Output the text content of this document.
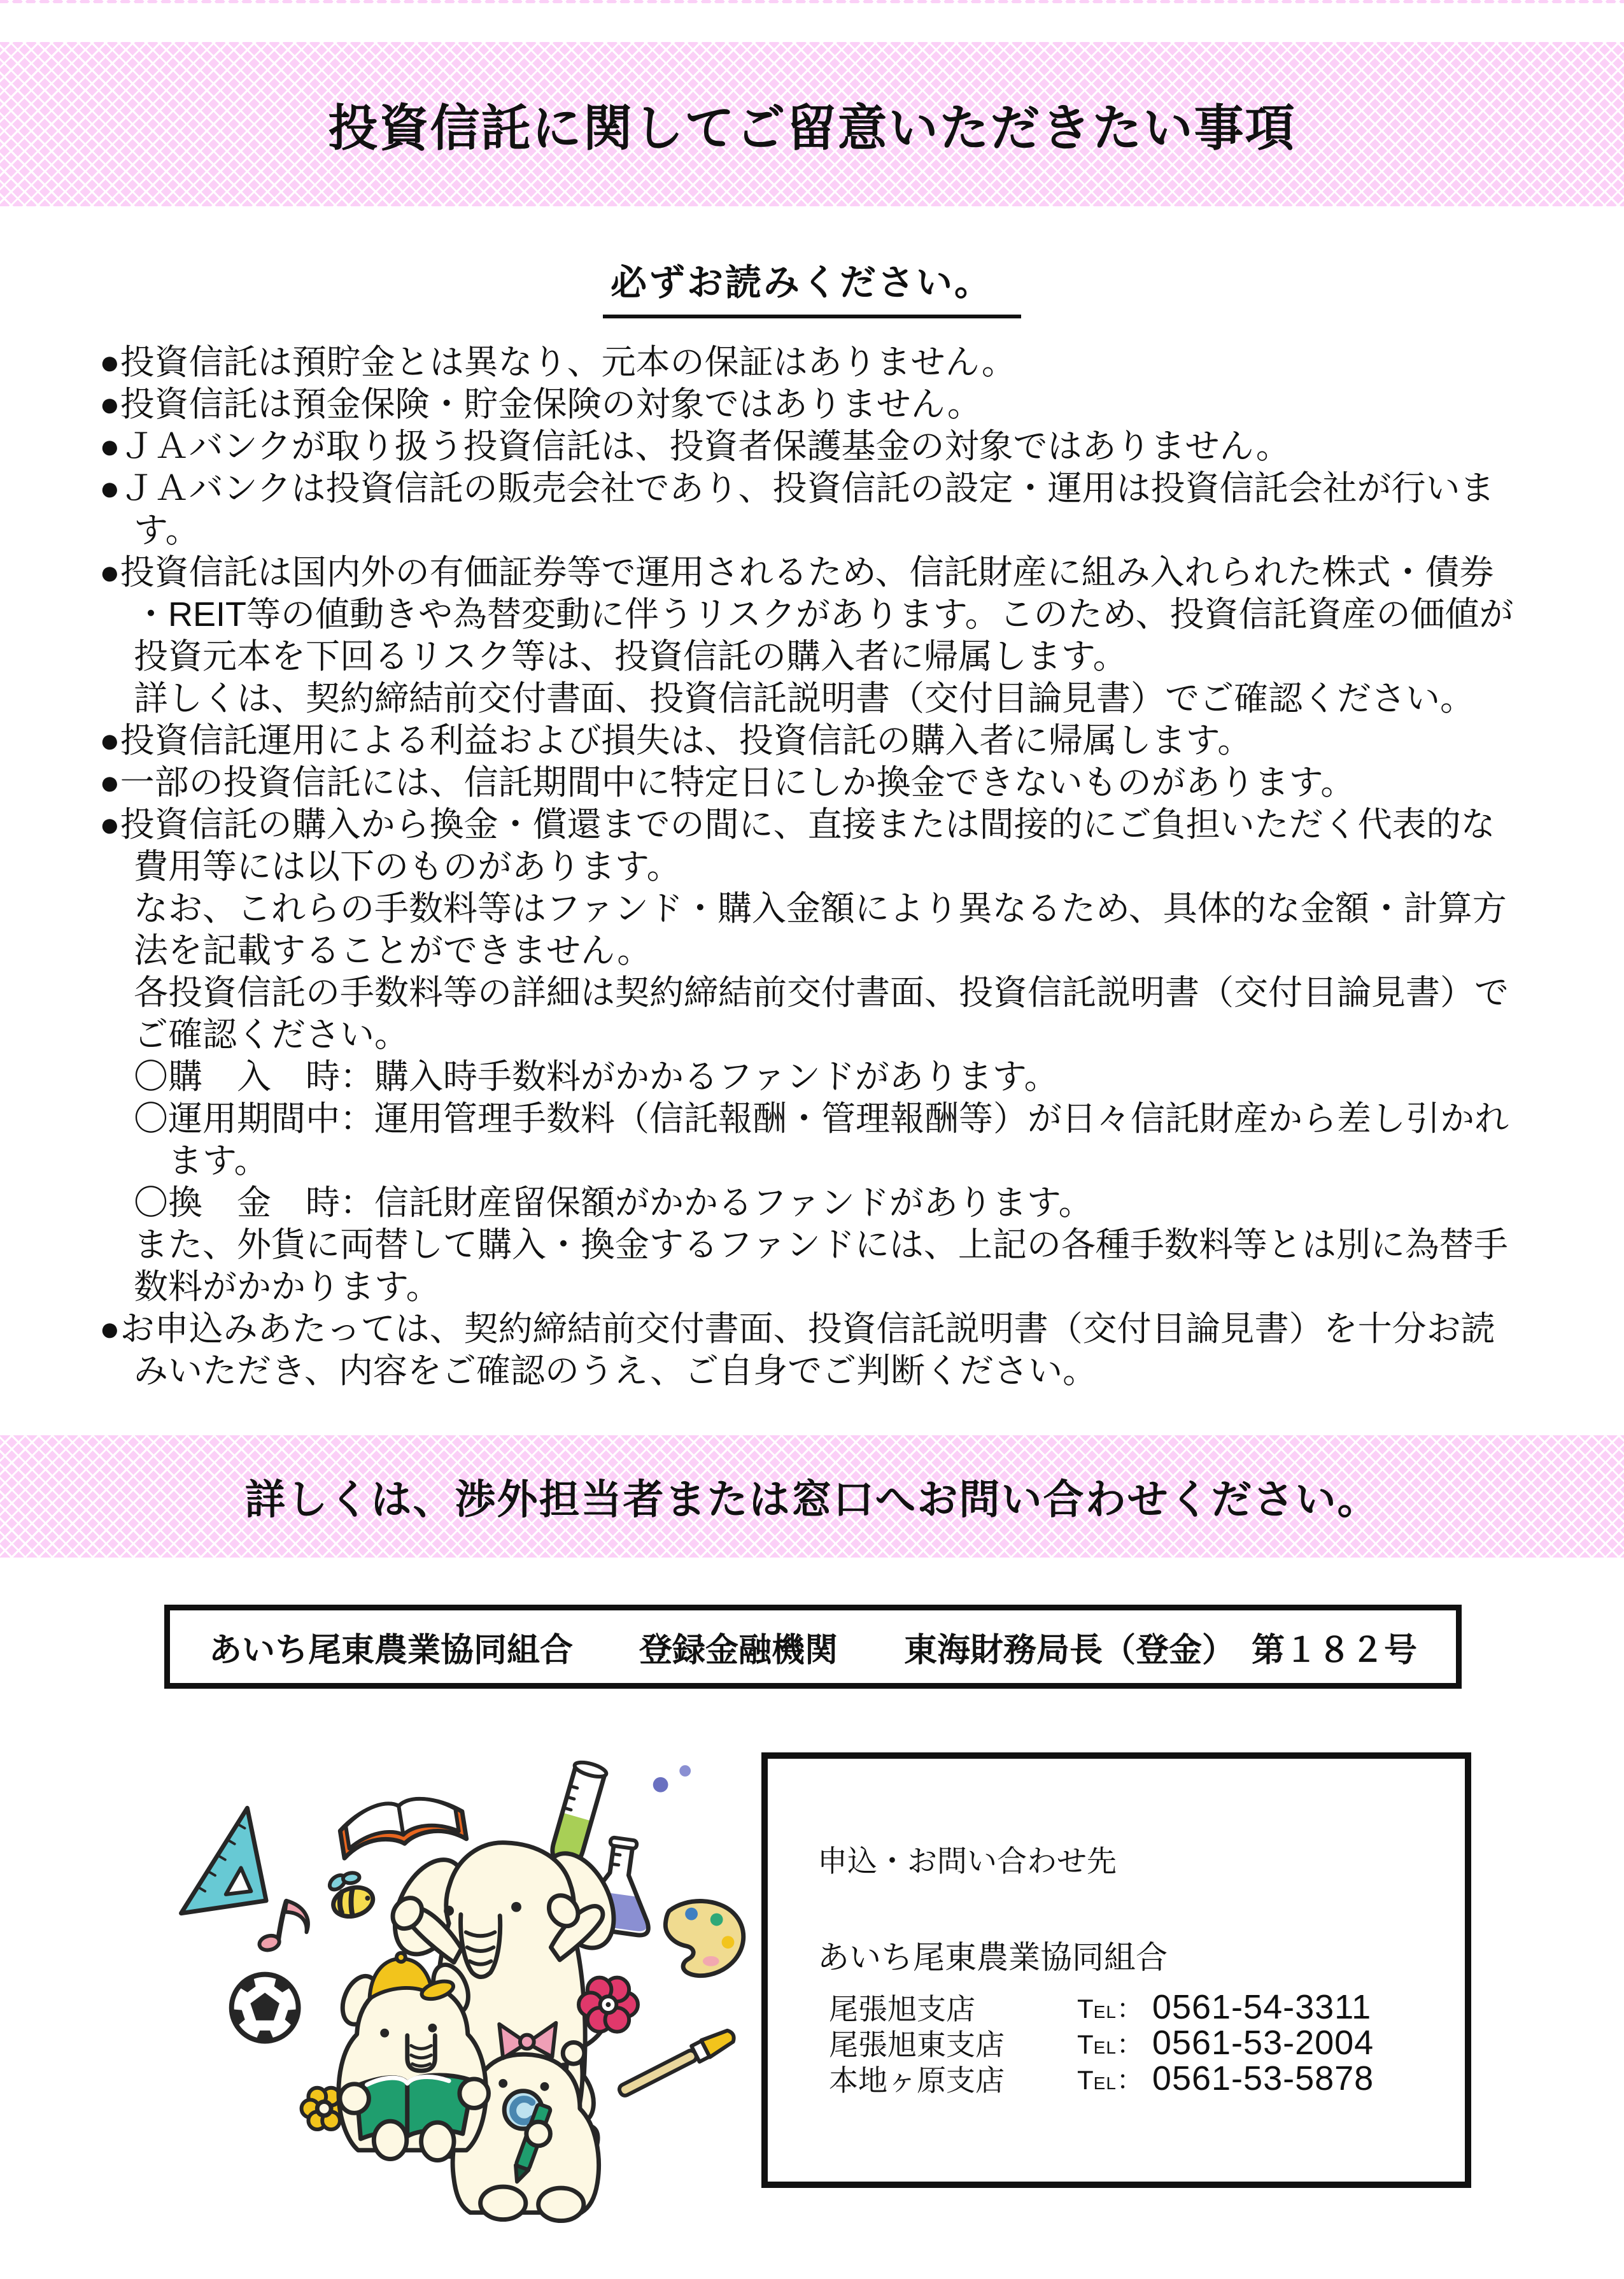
投資信託に関してご留意いただきたい事項
必ずお読みください。
●投資信託は預貯金とは異なり、元本の保証はありません。
●投資信託は預金保険・貯金保険の対象ではありません。
●ＪＡバンクが取り扱う投資信託は、投資者保護基金の対象ではありません。
●ＪＡバンクは投資信託の販売会社であり、投資信託の設定・運用は投資信託会社が行いま
す。
●投資信託は国内外の有価証券等で運用されるため、信託財産に組み入れられた株式・債券
・REIT等の値動きや為替変動に伴うリスクがあります。このため、投資信託資産の価値が
投資元本を下回るリスク等は、投資信託の購入者に帰属します。
詳しくは、契約締結前交付書面、投資信託説明書（交付目論見書）でご確認ください。
●投資信託運用による利益および損失は、投資信託の購入者に帰属します。
●一部の投資信託には、信託期間中に特定日にしか換金できないものがあります。
●投資信託の購入から換金・償還までの間に、直接または間接的にご負担いただく代表的な
費用等には以下のものがあります。
なお、これらの手数料等はファンド・購入金額により異なるため、具体的な金額・計算方
法を記載することができません。
各投資信託の手数料等の詳細は契約締結前交付書面、投資信託説明書（交付目論見書）で
ご確認ください。
〇購　入　時：購入時手数料がかかるファンドがあります。
〇運用期間中：運用管理手数料（信託報酬・管理報酬等）が日々信託財産から差し引かれ
ます。
〇換　金　時：信託財産留保額がかかるファンドがあります。
また、外貨に両替して購入・換金するファンドには、上記の各種手数料等とは別に為替手
数料がかかります。
●お申込みあたっては、契約締結前交付書面、投資信託説明書（交付目論見書）を十分お読
みいただき、内容をご確認のうえ、ご自身でご判断ください。
詳しくは、渉外担当者または窓口へお問い合わせください。
あいち尾東農業協同組合　　登録金融機関　　東海財務局長（登金）　第１８２号
申込・お問い合わせ先
あいち尾東農業協同組合
尾張旭支店	T EL ： 0561-54-3311
尾張旭東支店	T EL ： 0561-53-2004
本地ヶ原支店	T EL ： 0561-53-5878
